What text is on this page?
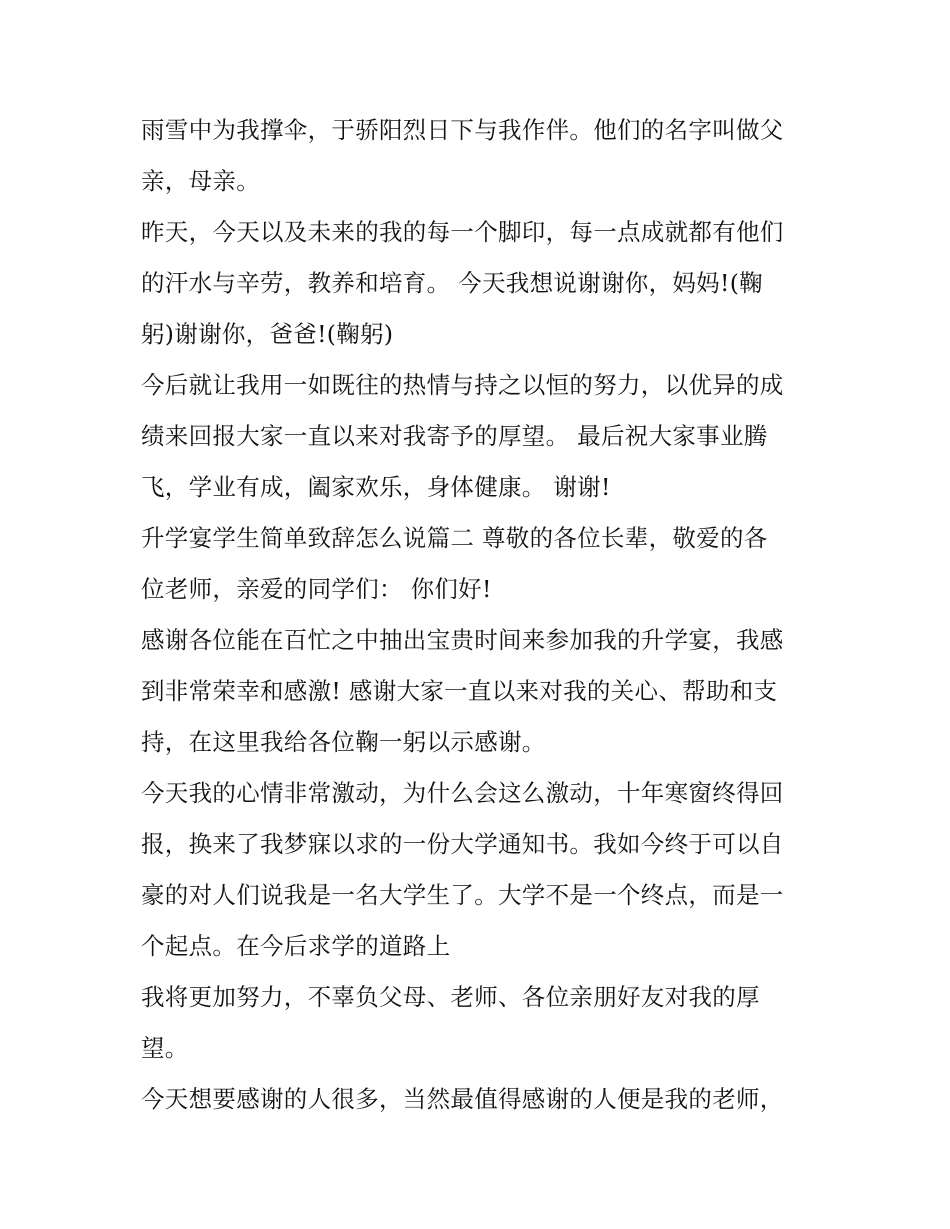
雨雪中为我撑伞，于骄阳烈日下与我作伴。他们的名字叫做父
亲，母亲。
昨天，今天以及未来的我的每一个脚印，每一点成就都有他们
的汗水与辛劳，教养和培育。 今天我想说谢谢你，妈妈!(鞠
躬)谢谢你，爸爸!(鞠躬)
今后就让我用一如既往的热情与持之以恒的努力，以优异的成
绩来回报大家一直以来对我寄予的厚望。 最后祝大家事业腾
飞，学业有成，阖家欢乐，身体健康。 谢谢!
升学宴学生简单致辞怎么说篇二 尊敬的各位长辈，敬爱的各
位老师，亲爱的同学们： 你们好!
感谢各位能在百忙之中抽出宝贵时间来参加我的升学宴，我感
到非常荣幸和感激! 感谢大家一直以来对我的关心、帮助和支
持，在这里我给各位鞠一躬以示感谢。
今天我的心情非常激动，为什么会这么激动，十年寒窗终得回
报，换来了我梦寐以求的一份大学通知书。我如今终于可以自
豪的对人们说我是一名大学生了。大学不是一个终点，而是一
个起点。在今后求学的道路上
我将更加努力，不辜负父母、老师、各位亲朋好友对我的厚
望。
今天想要感谢的人很多，当然最值得感谢的人便是我的老师，
